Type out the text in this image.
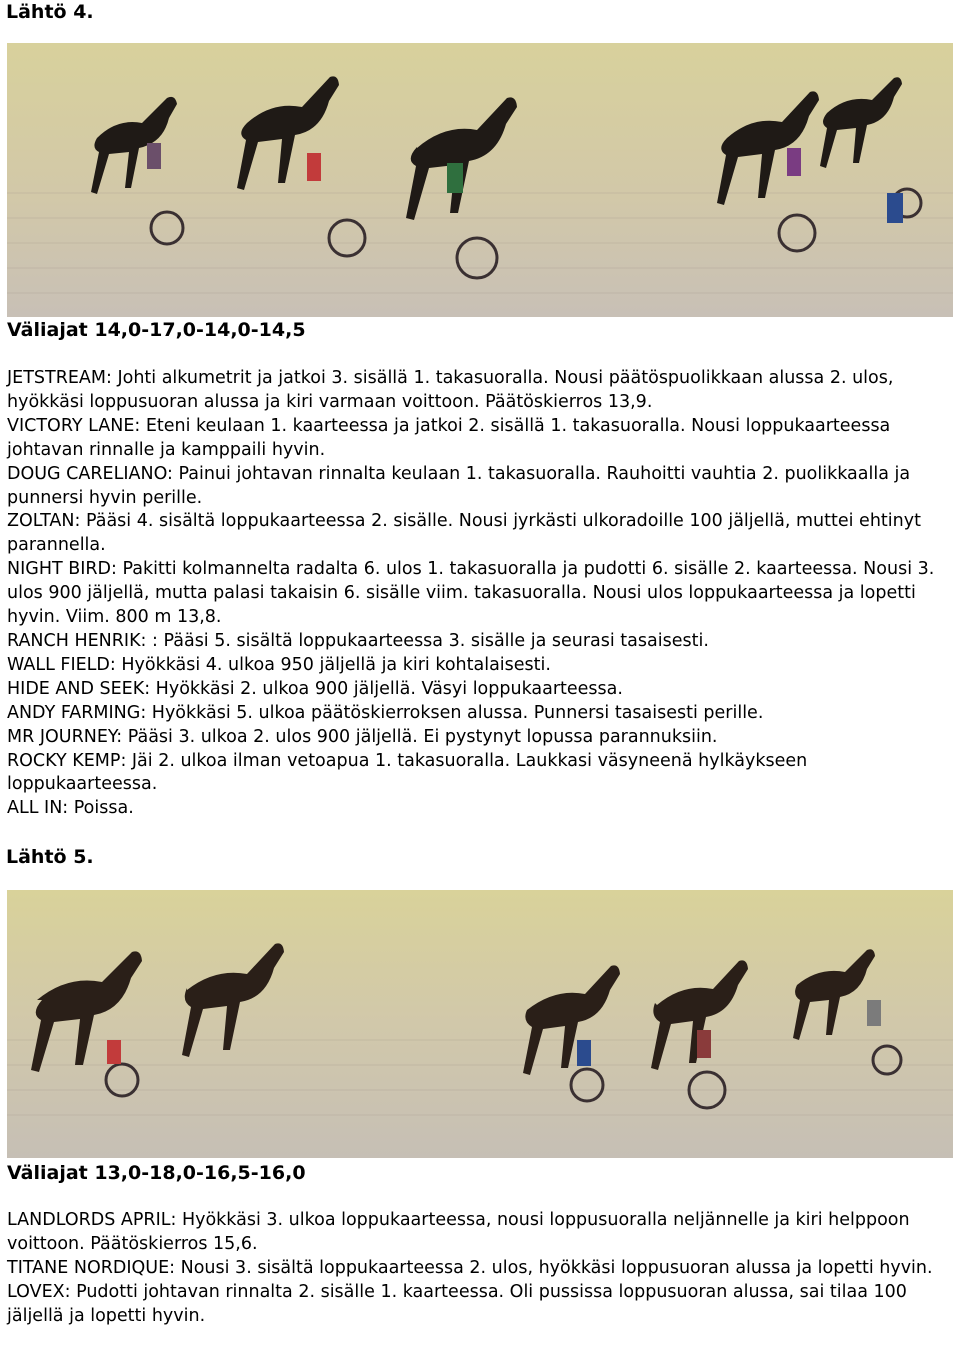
Lähtö 4.

Väliajat 14,0-17,0-14,0-14,5

JETSTREAM: Johti alkumetrit ja jatkoi 3. sisällä 1. takasuoralla. Nousi päätöspuolikkaan alussa 2. ulos, hyökkäsi loppusuoran alussa ja kiri varmaan voittoon. Päätöskierros 13,9.

VICTORY LANE: Eteni keulaan 1. kaarteessa ja jatkoi 2. sisällä 1. takasuoralla. Nousi loppukaarteessa johtavan rinnalle ja kamppaili hyvin.

DOUG CARELIANO: Painui johtavan rinnalta keulaan 1. takasuoralla. Rauhoitti vauhtia 2. puolikkaalla ja punnersi hyvin perille.

ZOLTAN: Pääsi 4. sisältä loppukaarteessa 2. sisälle. Nousi jyrkästi ulkoradoille 100 jäljellä, muttei ehtinyt parannella.

NIGHT BIRD: Pakitti kolmannelta radalta 6. ulos 1. takasuoralla ja pudotti 6. sisälle 2. kaarteessa. Nousi 3. ulos 900 jäljellä, mutta palasi takaisin 6. sisälle viim. takasuoralla. Nousi ulos loppukaarteessa ja lopetti hyvin. Viim. 800 m 13,8.

RANCH HENRIK: : Pääsi 5. sisältä loppukaarteessa 3. sisälle ja seurasi tasaisesti.

WALL FIELD: Hyökkäsi 4. ulkoa 950 jäljellä ja kiri kohtalaisesti.

HIDE AND SEEK: Hyökkäsi 2. ulkoa 900 jäljellä. Väsyi loppukaarteessa.

ANDY FARMING: Hyökkäsi 5. ulkoa päätöskierroksen alussa. Punnersi tasaisesti perille.

MR JOURNEY: Pääsi 3. ulkoa 2. ulos 900 jäljellä. Ei pystynyt lopussa parannuksiin.

ROCKY KEMP: Jäi 2. ulkoa ilman vetoapua 1. takasuoralla. Laukkasi väsyneenä hylkäykseen loppukaarteessa.

ALL IN: Poissa.

Lähtö 5.

Väliajat 13,0-18,0-16,5-16,0

LANDLORDS APRIL: Hyökkäsi 3. ulkoa loppukaarteessa, nousi loppusuoralla neljännelle ja kiri helppoon voittoon. Päätöskierros 15,6.

TITANE NORDIQUE: Nousi 3. sisältä loppukaarteessa 2. ulos, hyökkäsi loppusuoran alussa ja lopetti hyvin.

LOVEX: Pudotti johtavan rinnalta 2. sisälle 1. kaarteessa. Oli pussissa loppusuoran alussa, sai tilaa 100 jäljellä ja lopetti hyvin.
